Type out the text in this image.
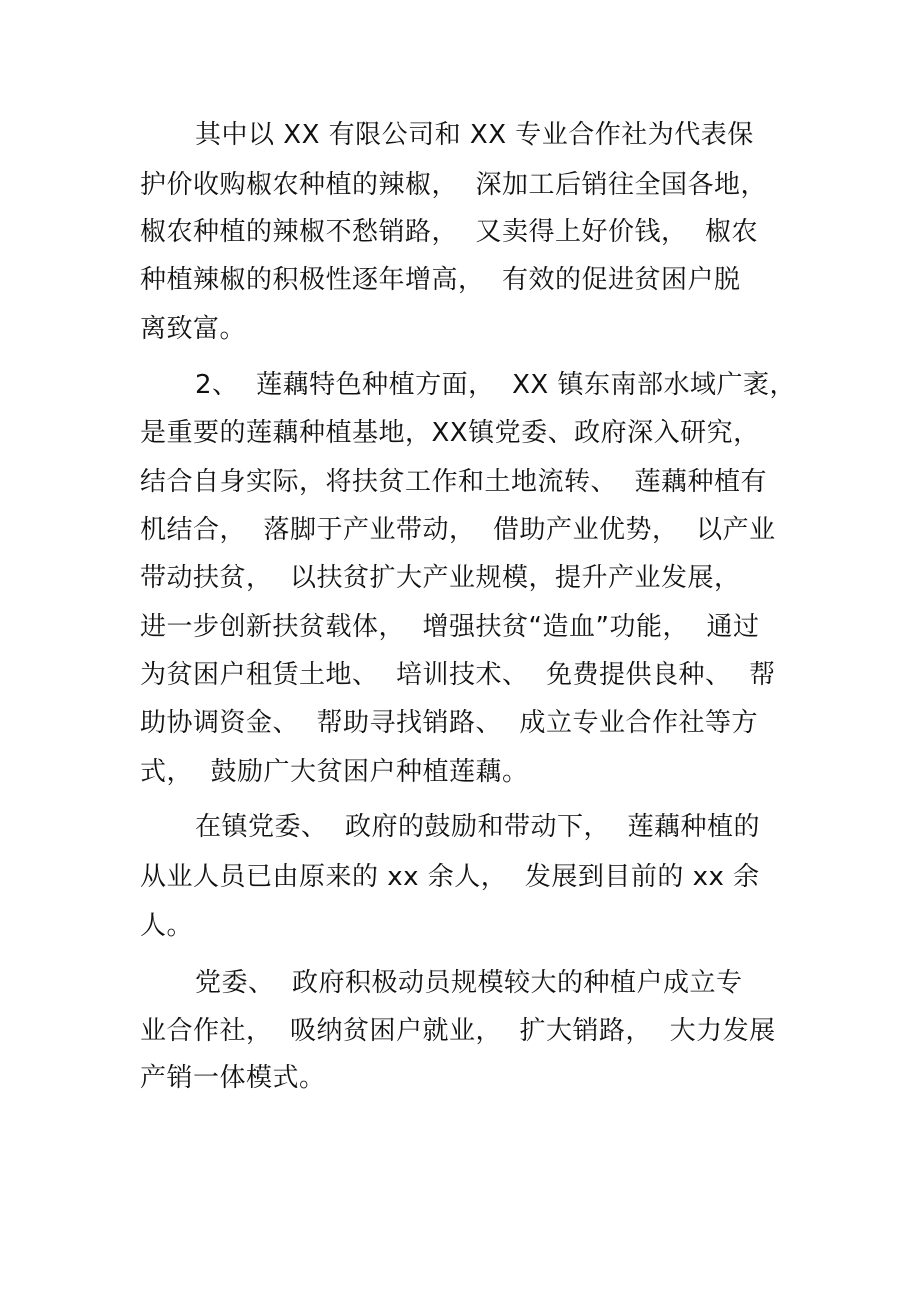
其中以 XX 有限公司和 XX 专业合作社为代表保
护价收购椒农种植的辣椒，  深加工后销往全国各地，
椒农种植的辣椒不愁销路，  又卖得上好价钱，  椒农
种植辣椒的积极性逐年增高，  有效的促进贫困户脱
离致富。
2、  莲藕特色种植方面，  XX 镇东南部水域广袤，
是重要的莲藕种植基地，XX镇党委、政府深入研究，
结合自身实际，将扶贫工作和土地流转、  莲藕种植有
机结合，  落脚于产业带动，  借助产业优势，  以产业
带动扶贫，  以扶贫扩大产业规模，提升产业发展，
进一步创新扶贫载体，  增强扶贫“造血”功能，  通过
为贫困户租赁土地、  培训技术、  免费提供良种、  帮
助协调资金、  帮助寻找销路、  成立专业合作社等方
式，  鼓励广大贫困户种植莲藕。
在镇党委、  政府的鼓励和带动下，  莲藕种植的
从业人员已由原来的 xx 余人，  发展到目前的 xx 余
人。
党委、  政府积极动员规模较大的种植户成立专
业合作社，  吸纳贫困户就业，  扩大销路，  大力发展
产销一体模式。
